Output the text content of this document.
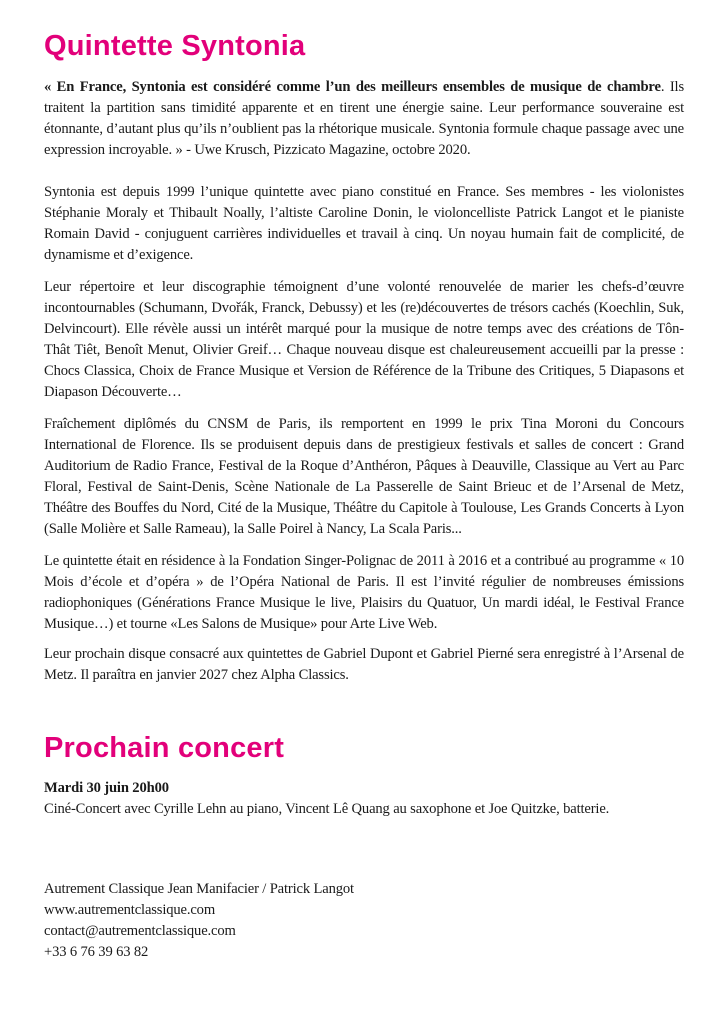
Quintette Syntonia

« En France, Syntonia est considéré comme l’un des meilleurs ensembles de musique de chambre. Ils traitent la partition sans timidité apparente et en tirent une énergie saine. Leur performance souveraine est étonnante, d’autant plus qu’ils n’oublient pas la rhétorique musicale. Syntonia formule chaque passage avec une expression incroyable. » - Uwe Krusch, Pizzicato Magazine, octobre 2020.

Syntonia est depuis 1999 l’unique quintette avec piano constitué en France. Ses membres - les violonistes Stéphanie Moraly et Thibault Noally, l’altiste Caroline Donin, le violoncelliste Patrick Langot et le pianiste Romain David - conjuguent carrières individuelles et travail à cinq. Un noyau humain fait de complicité, de dynamisme et d’exigence.

Leur répertoire et leur discographie témoignent d’une volonté renouvelée de marier les chefs-d’œuvre incontournables (Schumann, Dvořák, Franck, Debussy) et les (re)découvertes de trésors cachés (Koechlin, Suk, Delvincourt). Elle révèle aussi un intérêt marqué pour la musique de notre temps avec des créations de Tôn-Thât Tiêt, Benoît Menut, Olivier Greif… Chaque nouveau disque est chaleureusement accueilli par la presse : Chocs Classica, Choix de France Musique et Version de Référence de la Tribune des Critiques, 5 Diapasons et Diapason Découverte…

Fraîchement diplômés du CNSM de Paris, ils remportent en 1999 le prix Tina Moroni du Concours International de Florence. Ils se produisent depuis dans de prestigieux festivals et salles de concert : Grand Auditorium de Radio France, Festival de la Roque d’Anthéron, Pâques à Deauville, Classique au Vert au Parc Floral, Festival de Saint-Denis, Scène Nationale de La Passerelle de Saint Brieuc et de l’Arsenal de Metz, Théâtre des Bouffes du Nord, Cité de la Musique, Théâtre du Capitole à Toulouse, Les Grands Concerts à Lyon (Salle Molière et Salle Rameau), la Salle Poirel à Nancy, La Scala Paris...

Le quintette était en résidence à la Fondation Singer-Polignac de 2011 à 2016 et a contribué au programme « 10 Mois d’école et d’opéra » de l’Opéra National de Paris. Il est l’invité régulier de nombreuses émissions radiophoniques (Générations France Musique le live, Plaisirs du Quatuor, Un mardi idéal, le Festival France Musique…) et tourne «Les Salons de Musique» pour Arte Live Web.

Leur prochain disque consacré aux quintettes de Gabriel Dupont et Gabriel Pierné sera enregistré à l’Arsenal de Metz. Il paraîtra en janvier 2027 chez Alpha Classics.

Prochain concert

Mardi 30 juin 20h00
Ciné-Concert avec Cyrille Lehn au piano, Vincent Lê Quang au saxophone et Joe Quitzke, batterie.

Autrement Classique Jean Manifacier / Patrick Langot
www.autrementclassique.com
contact@autrementclassique.com
+33 6 76 39 63 82
